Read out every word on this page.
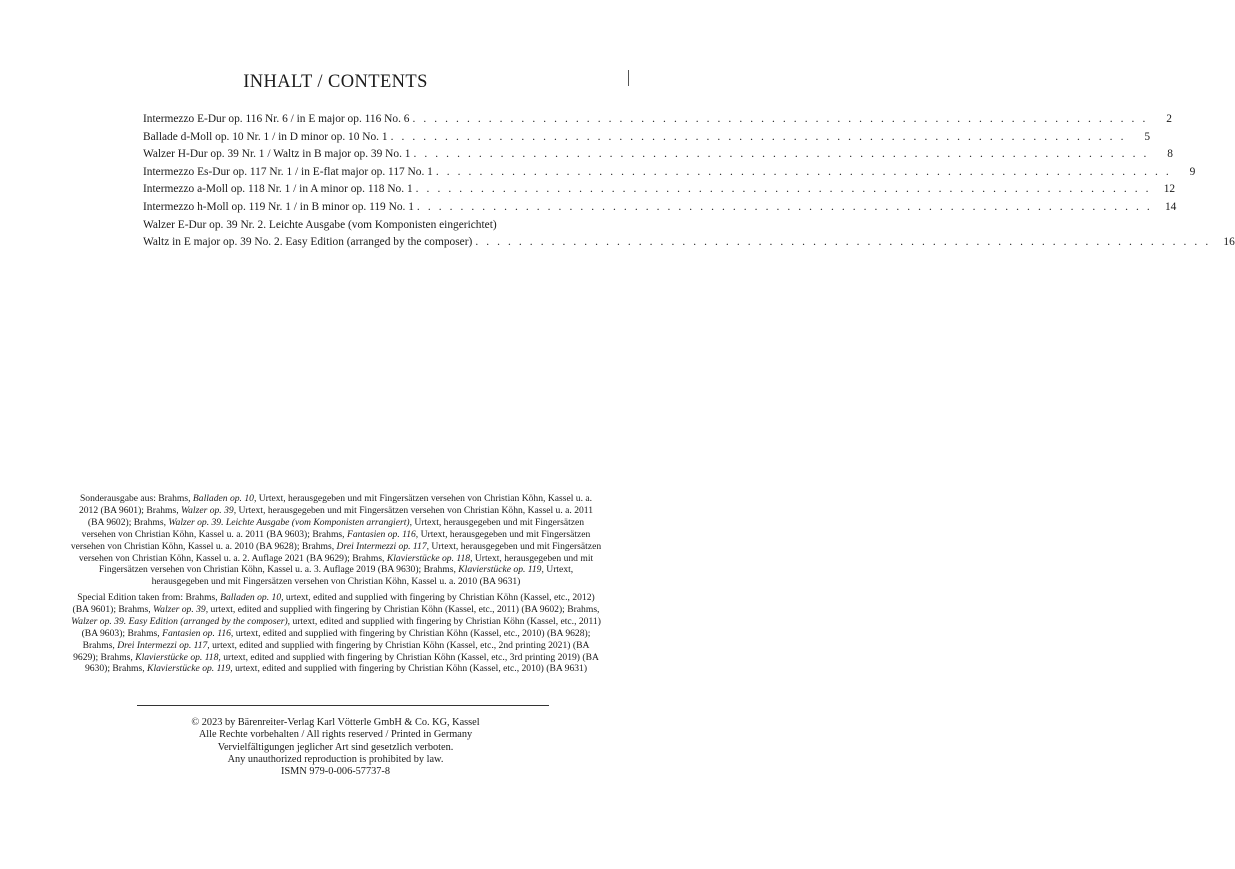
INHALT / CONTENTS
Intermezzo E-Dur op. 116 Nr. 6 / in E major op. 116 No. 6 . . . . . . . . . . . . . . . . . . . . . . . . . . . . . . . . . . . . . . . . . . . . . . . . . . . . . . . . . . . . . . . . . . . .	2
Ballade d-Moll op. 10 Nr. 1 / in D minor op. 10 No. 1 . . . . . . . . . . . . . . . . . . . . . . . . . . . . . . . . . . . . . . . . . . . . . . . . . . . . . . . . . . . . . . . . . . . .	5
Walzer H-Dur op. 39 Nr. 1 / Waltz in B major op. 39 No. 1 . . . . . . . . . . . . . . . . . . . . . . . . . . . . . . . . . . . . . . . . . . . . . . . . . . . . . . . . . . . . . . . . . . . .	8
Intermezzo Es-Dur op. 117 Nr. 1 / in E-flat major op. 117 No. 1 . . . . . . . . . . . . . . . . . . . . . . . . . . . . . . . . . . . . . . . . . . . . . . . . . . . . . . . . . . . . . . . . . . . .	9
Intermezzo a-Moll op. 118 Nr. 1 / in A minor op. 118 No. 1 . . . . . . . . . . . . . . . . . . . . . . . . . . . . . . . . . . . . . . . . . . . . . . . . . . . . . . . . . . . . . . . . . . . .	12
Intermezzo h-Moll op. 119 Nr. 1 / in B minor op. 119 No. 1 . . . . . . . . . . . . . . . . . . . . . . . . . . . . . . . . . . . . . . . . . . . . . . . . . . . . . . . . . . . . . . . . . . . .	14
Walzer E-Dur op. 39 Nr. 2. Leichte Ausgabe (vom Komponisten eingerichtet)
Waltz in E major op. 39 No. 2. Easy Edition (arranged by the composer) . . . . . . . . . . . . . . . . . . . . . . . . . . . . . . . . . . . . . . . . . . . . . . . . . . . . . . . . . . . . . . . . . . . .	16

Sonderausgabe aus: Brahms, Balladen op. 10, Urtext, herausgegeben und mit Fingersätzen versehen von Christian Köhn, Kassel u. a. 2012 (BA 9601); Brahms, Walzer op. 39, Urtext, herausgegeben und mit Fingersätzen versehen von Christian Köhn, Kassel u. a. 2011 (BA 9602); Brahms, Walzer op. 39. Leichte Ausgabe (vom Komponisten arrangiert), Urtext, herausgegeben und mit Fingersätzen versehen von Christian Köhn, Kassel u. a. 2011 (BA 9603); Brahms, Fantasien op. 116, Urtext, herausgegeben und mit Fingersätzen versehen von Christian Köhn, Kassel u. a. 2010 (BA 9628); Brahms, Drei Intermezzi op. 117, Urtext, herausgegeben und mit Fingersätzen versehen von Christian Köhn, Kassel u. a. 2. Auflage 2021 (BA 9629); Brahms, Klavierstücke op. 118, Urtext, herausgegeben und mit Fingersätzen versehen von Christian Köhn, Kassel u. a. 3. Auflage 2019 (BA 9630); Brahms, Klavierstücke op. 119, Urtext, herausgegeben und mit Fingersätzen versehen von Christian Köhn, Kassel u. a. 2010 (BA 9631)

Special Edition taken from: Brahms, Balladen op. 10, urtext, edited and supplied with fingering by Christian Köhn (Kassel, etc., 2012) (BA 9601); Brahms, Walzer op. 39, urtext, edited and supplied with fingering by Christian Köhn (Kassel, etc., 2011) (BA 9602); Brahms, Walzer op. 39. Easy Edition (arranged by the composer), urtext, edited and supplied with fingering by Christian Köhn (Kassel, etc., 2011) (BA 9603); Brahms, Fantasien op. 116, urtext, edited and supplied with fingering by Christian Köhn (Kassel, etc., 2010) (BA 9628); Brahms, Drei Intermezzi op. 117, urtext, edited and supplied with fingering by Christian Köhn (Kassel, etc., 2nd printing 2021) (BA 9629); Brahms, Klavierstücke op. 118, urtext, edited and supplied with fingering by Christian Köhn (Kassel, etc., 3rd printing 2019) (BA 9630); Brahms, Klavierstücke op. 119, urtext, edited and supplied with fingering by Christian Köhn (Kassel, etc., 2010) (BA 9631)

© 2023 by Bärenreiter-Verlag Karl Vötterle GmbH & Co. KG, Kassel
Alle Rechte vorbehalten / All rights reserved / Printed in Germany
Vervielfältigungen jeglicher Art sind gesetzlich verboten.
Any unauthorized reproduction is prohibited by law.
ISMN 979-0-006-57737-8
